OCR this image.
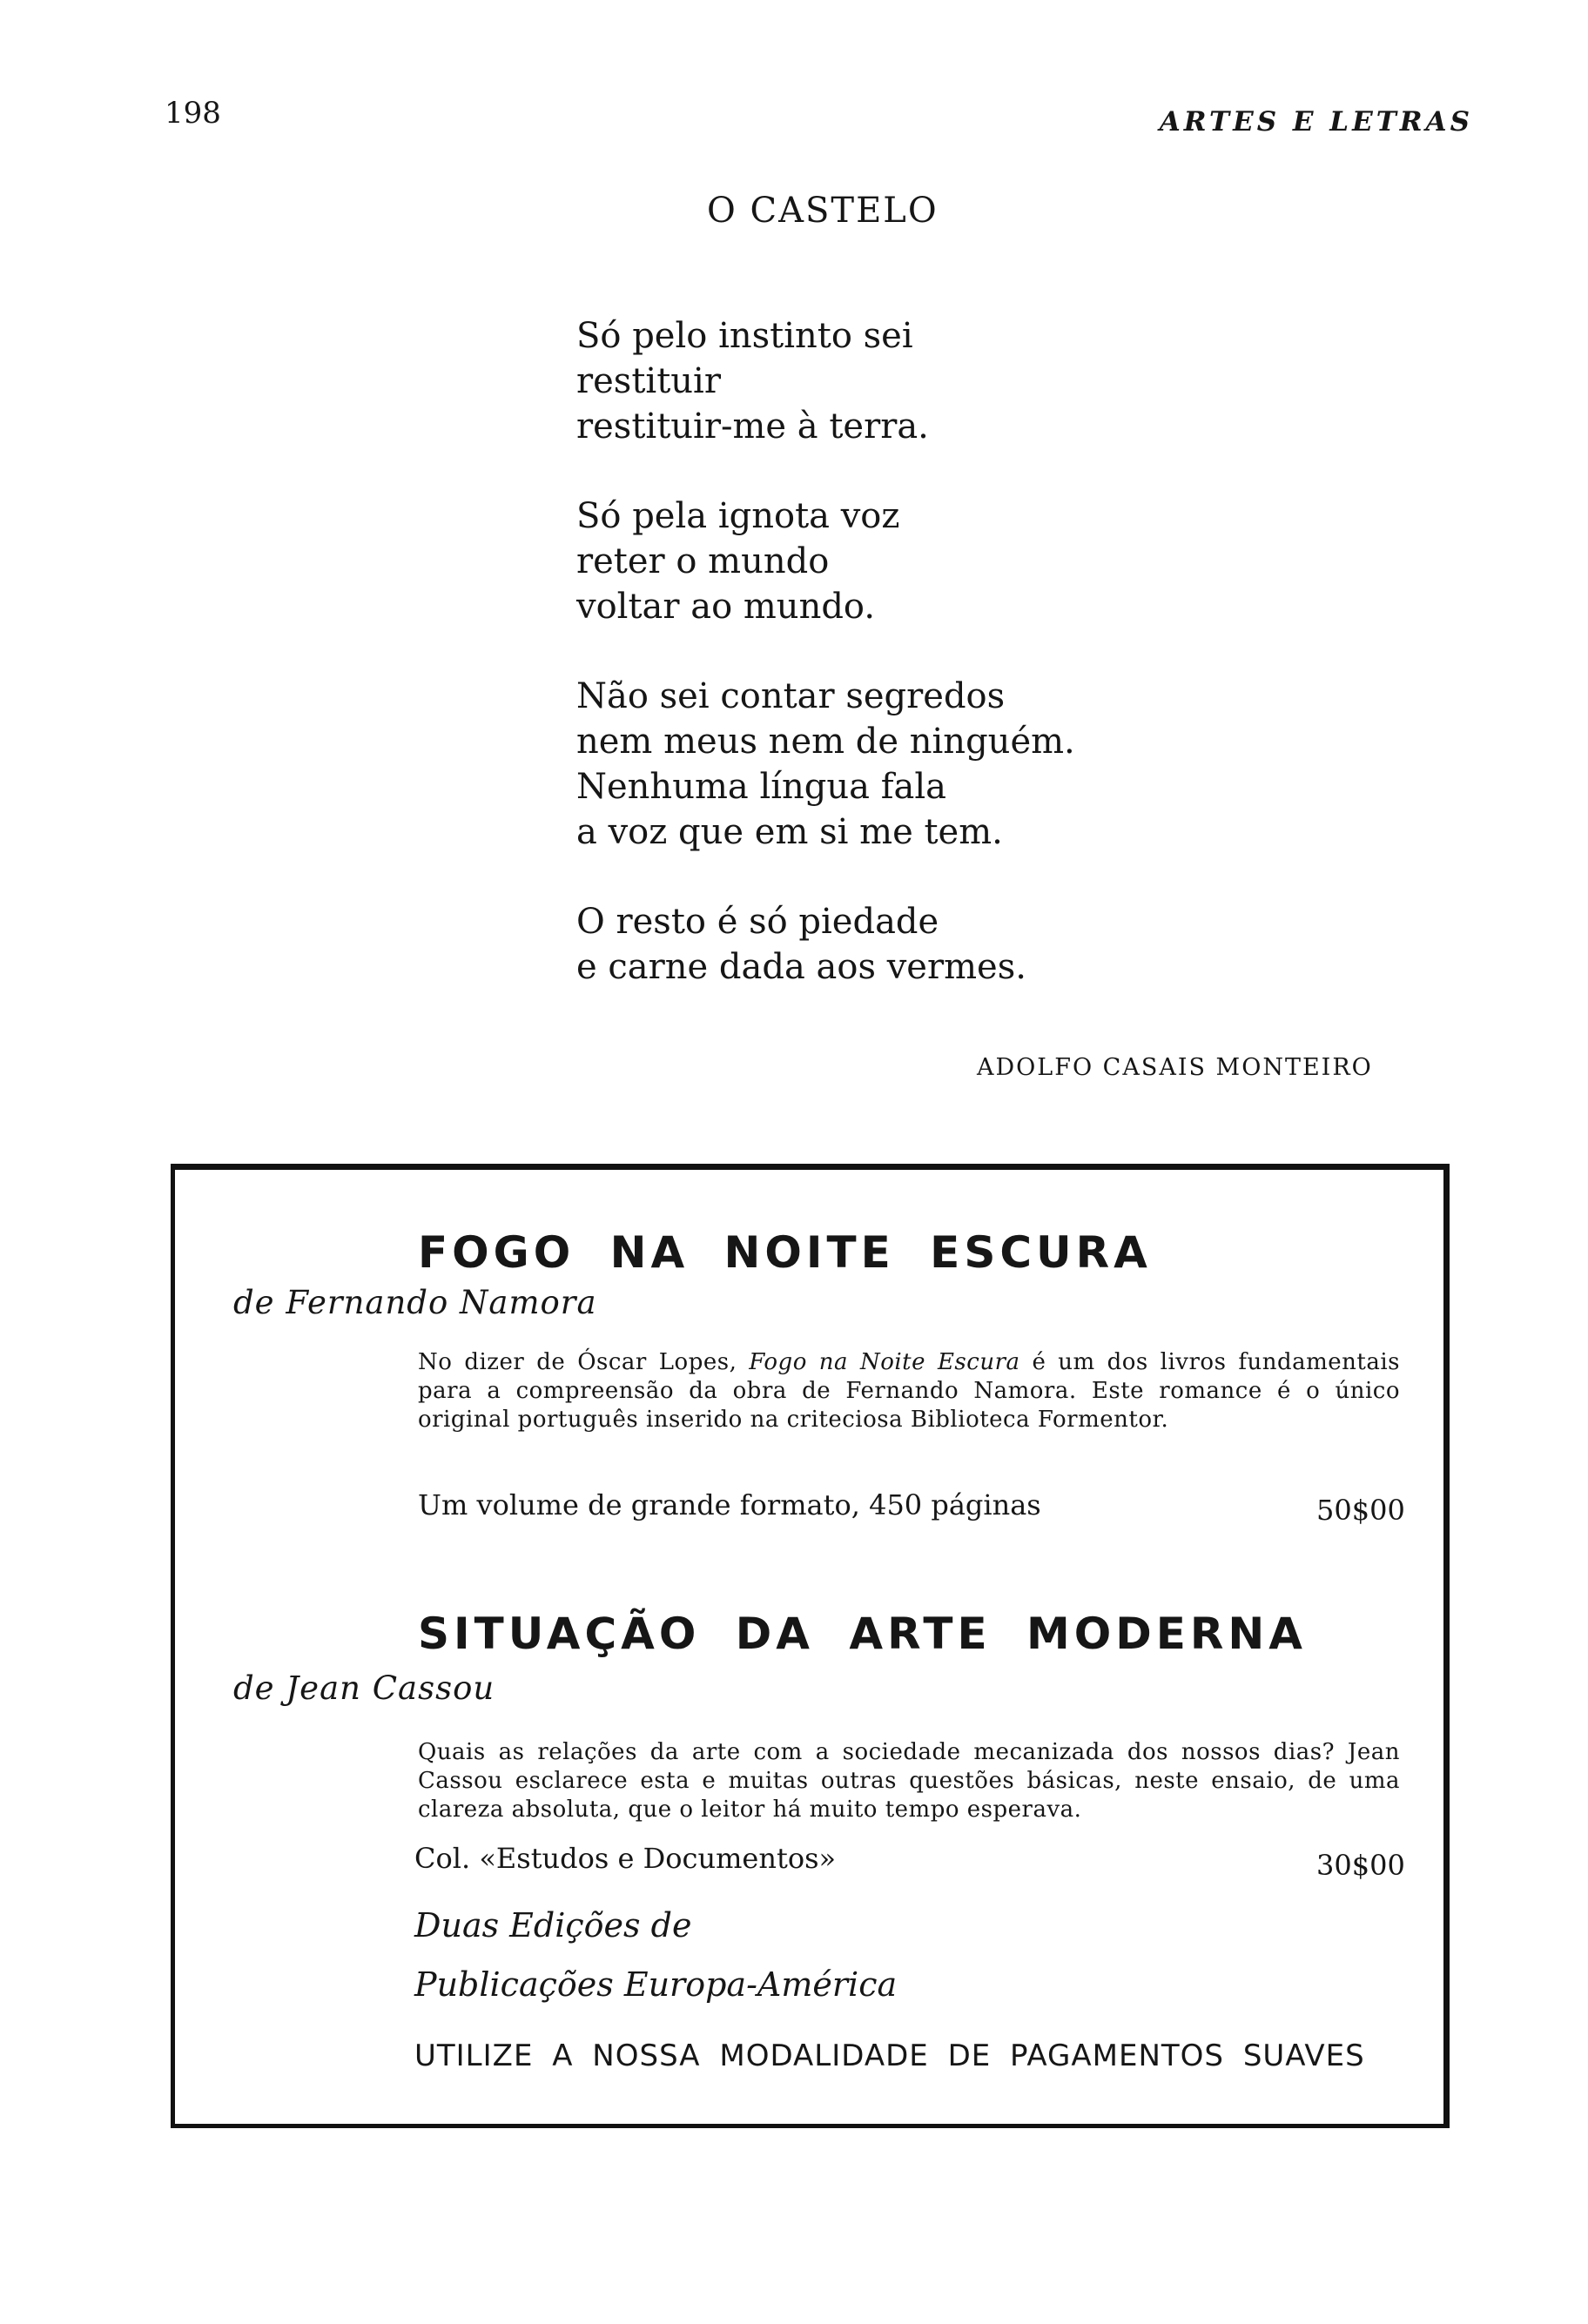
198	ARTES E LETRAS
O CASTELO
Só pelo instinto sei
restituir
restituir-me à terra.
Só pela ignota voz
reter o mundo
voltar ao mundo.
Não sei contar segredos
nem meus nem de ninguém.
Nenhuma língua fala
a voz que em si me tem.
O resto é só piedade
e carne dada aos vermes.
ADOLFO CASAIS MONTEIRO
FOGO NA NOITE ESCURA
de Fernando Namora
No dizer de Óscar Lopes, Fogo na Noite Escura é um dos livros fundamentais para a compreensão da obra de Fernando Namora. Este romance é o único original português inserido na criteciosa Biblioteca Formentor.
Um volume de grande formato, 450 páginas	50$00
SITUAÇÃO DA ARTE MODERNA
de Jean Cassou
Quais as relações da arte com a sociedade mecanizada dos nossos dias? Jean Cassou esclarece esta e muitas outras questões básicas, neste ensaio, de uma clareza absoluta, que o leitor há muito tempo esperava.
Col. «Estudos e Documentos»	30$00
Duas Edições de
Publicações Europa-América
UTILIZE A NOSSA MODALIDADE DE PAGAMENTOS SUAVES
